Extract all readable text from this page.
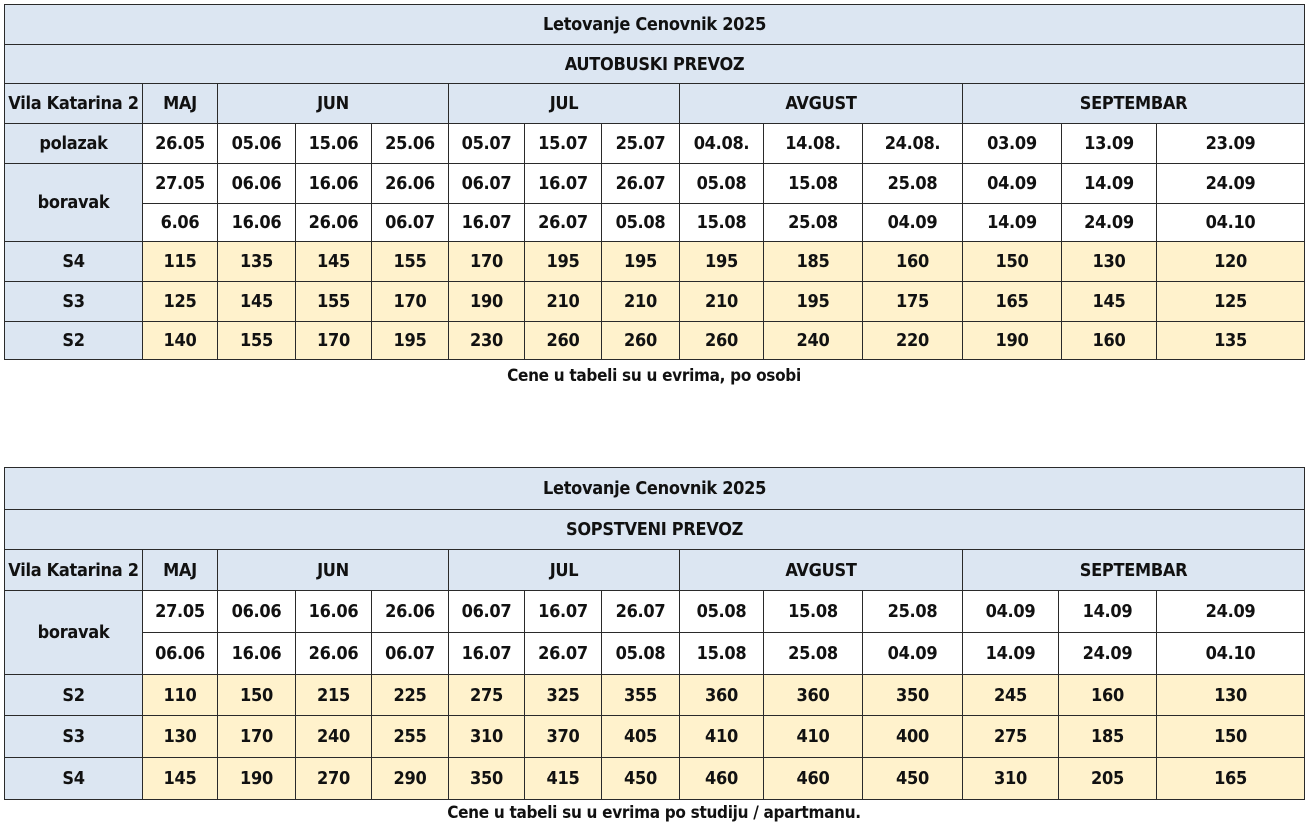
Letovanje Cenovnik 2025													
AUTOBUSKI PREVOZ													
Vila Katarina 2	MAJ	JUN			JUL			AVGUST			SEPTEMBAR		
polazak	26.05	05.06	15.06	25.06	05.07	15.07	25.07	04.08.	14.08.	24.08.	03.09	13.09	23.09
boravak	27.05	06.06	16.06	26.06	06.07	16.07	26.07	05.08	15.08	25.08	04.09	14.09	24.09
	6.06	16.06	26.06	06.07	16.07	26.07	05.08	15.08	25.08	04.09	14.09	24.09	04.10
S4	115	135	145	155	170	195	195	195	185	160	150	130	120
S3	125	145	155	170	190	210	210	210	195	175	165	145	125
S2	140	155	170	195	230	260	260	260	240	220	190	160	135
Cene u tabeli su u evrima, po osobi
Letovanje Cenovnik 2025													
SOPSTVENI PREVOZ													
Vila Katarina 2	MAJ	JUN			JUL			AVGUST			SEPTEMBAR		
boravak	27.05	06.06	16.06	26.06	06.07	16.07	26.07	05.08	15.08	25.08	04.09	14.09	24.09
	06.06	16.06	26.06	06.07	16.07	26.07	05.08	15.08	25.08	04.09	14.09	24.09	04.10
S2	110	150	215	225	275	325	355	360	360	350	245	160	130
S3	130	170	240	255	310	370	405	410	410	400	275	185	150
S4	145	190	270	290	350	415	450	460	460	450	310	205	165
Cene u tabeli su u evrima po studiju / apartmanu.
